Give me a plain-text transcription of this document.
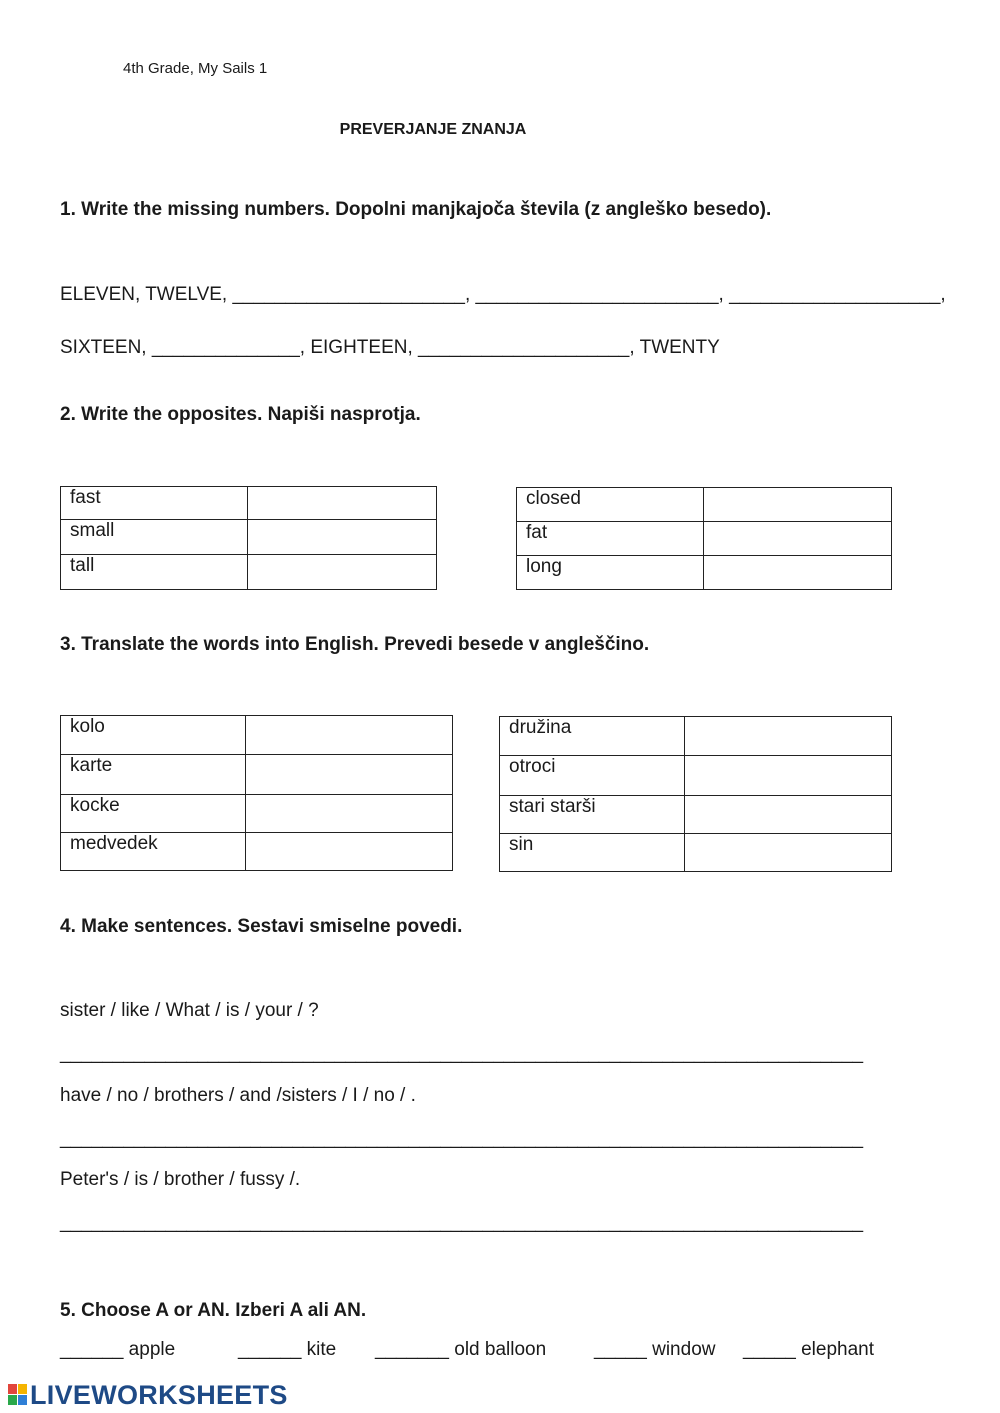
4th Grade, My Sails 1
PREVERJANJE ZNANJA
1. Write the missing numbers. Dopolni manjkajoča števila (z angleško besedo).
ELEVEN, TWELVE, ______________________, _______________________, ____________________,
SIXTEEN, ______________, EIGHTEEN, ____________________, TWENTY
2. Write the opposites. Napiši nasprotja.
fast	
small	
tall	
closed	
fat	
long	
3. Translate the words into English. Prevedi besede v angleščino.
kolo	
karte	
kocke	
medvedek	
družina	
otroci	
stari starši	
sin	
4. Make sentences. Sestavi smiselne povedi.
sister / like / What / is / your / ?
____________________________________________________________________________
have / no / brothers / and /sisters / I / no / .
____________________________________________________________________________
Peter's / is / brother / fussy /.
____________________________________________________________________________
5. Choose A or AN. Izberi A ali AN.
______ apple	______ kite	_______ old balloon	_____ window	_____ elephant
LIVEWORKSHEETS
